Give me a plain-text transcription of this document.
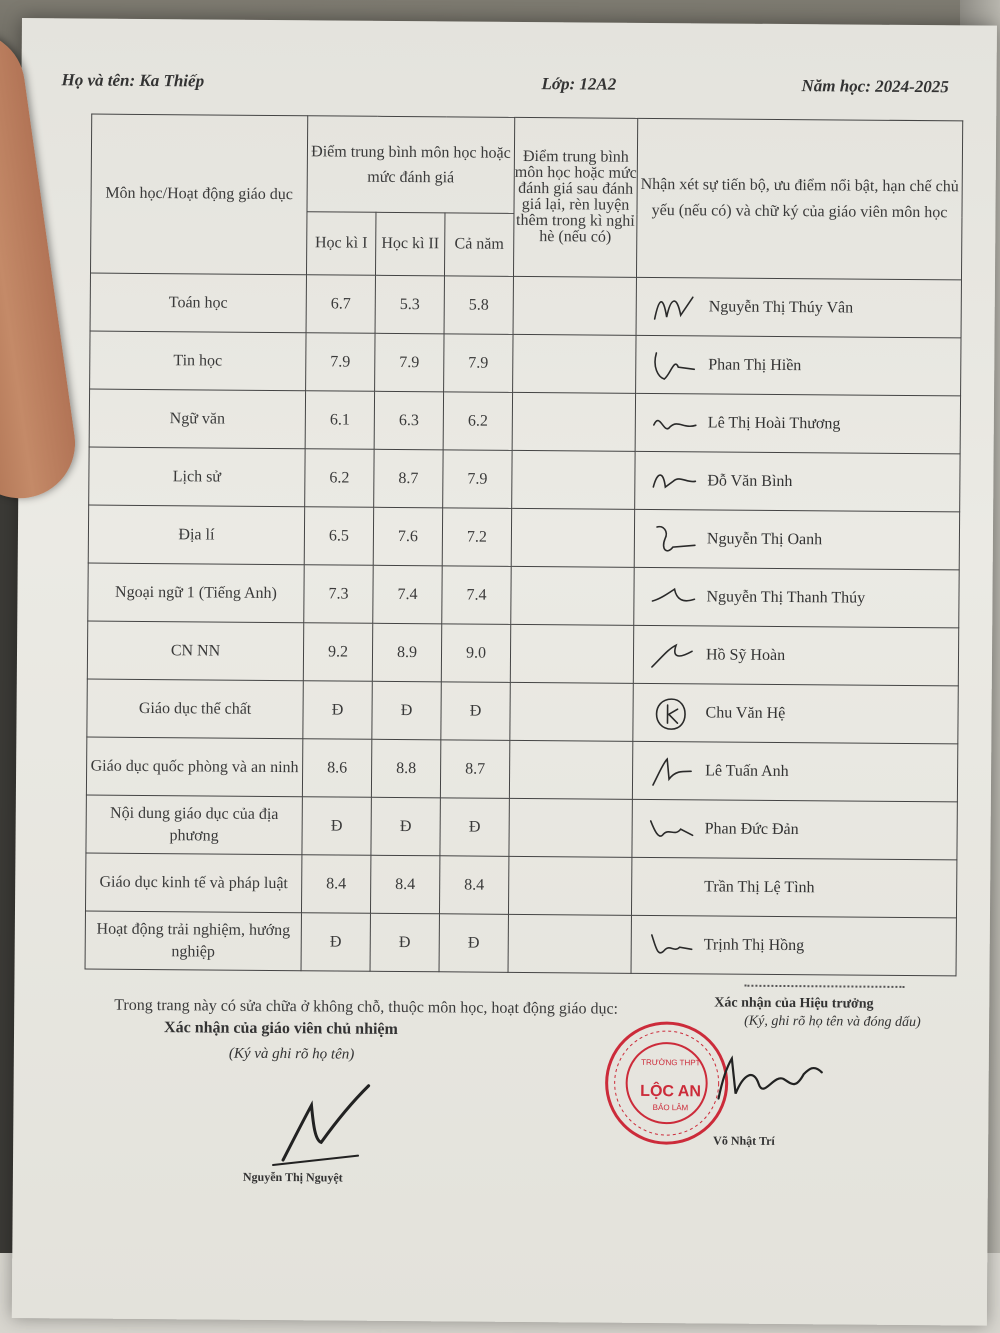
Họ và tên: Ka Thiếp	Lớp: 12A2	Năm học: 2024-2025
Môn học/Hoạt động giáo dục	Điểm trung bình môn học hoặc mức đánh giá			Điểm trung bình môn học hoặc mức đánh giá sau đánh giá lại, rèn luyện thêm trong kì nghỉ hè (nếu có)	Nhận xét sự tiến bộ, ưu điểm nổi bật, hạn chế chủ yếu (nếu có) và chữ ký của giáo viên môn học
	Học kì I	Học kì II	Cả năm		
Toán học	6.7	5.3	5.8		Nguyễn Thị Thúy Vân

Tin học	7.9	7.9	7.9		Phan Thị Hiền

Ngữ văn	6.1	6.3	6.2		Lê Thị Hoài Thương

Lịch sử	6.2	8.7	7.9		Đỗ Văn Bình

Địa lí	6.5	7.6	7.2		Nguyễn Thị Oanh

Ngoại ngữ 1 (Tiếng Anh)	7.3	7.4	7.4		Nguyễn Thị Thanh Thúy

CN NN	9.2	8.9	9.0		Hồ Sỹ Hoàn

Giáo dục thể chất	Đ	Đ	Đ		Chu Văn Hệ

Giáo dục quốc phòng và an ninh	8.6	8.8	8.7		Lê Tuấn Anh

Nội dung giáo dục của địa phương	Đ	Đ	Đ		Phan Đức Đản

Giáo dục kinh tế và pháp luật	8.4	8.4	8.4		Trần Thị Lệ Tình

Hoạt động trải nghiệm, hướng nghiệp	Đ	Đ	Đ		Trịnh Thị Hồng
Trong trang này có sửa chữa ở không chỗ, thuộc môn học, hoạt động giáo dục:
Xác nhận của giáo viên chủ nhiệm
(Ký và ghi rõ họ tên)
Nguyễn Thị Nguyệt
Xác nhận của Hiệu trưởng
(Ký, ghi rõ họ tên và đóng dấu)
TRƯỜNG THPT
LỘC AN
BẢO LÂM
Võ Nhật Trí
